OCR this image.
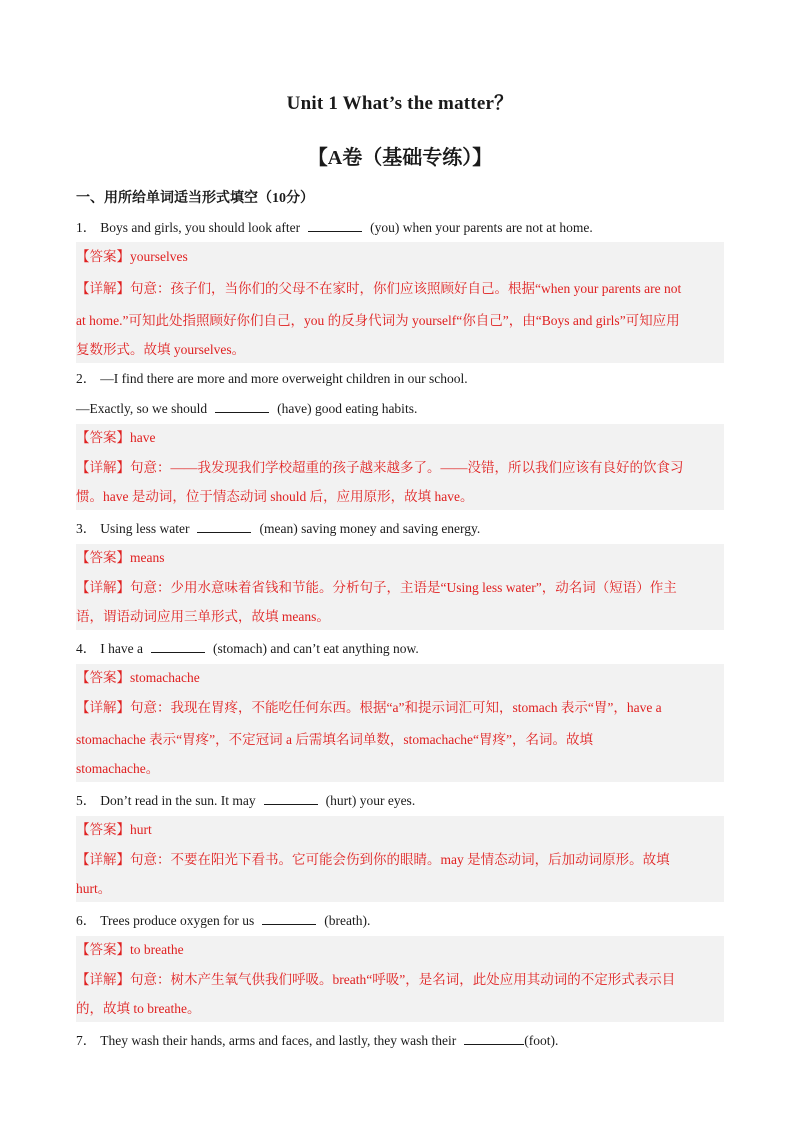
Unit 1 What’s the matter？
【A卷（基础专练）】
一、用所给单词适当形式填空（10分）
1． Boys and girls, you should look after	(you) when your parents are not at home.
【答案】yourselves
【详解】句意：孩子们，当你们的父母不在家时，你们应该照顾好自己。根据“when your parents are not
at home.”可知此处指照顾好你们自己，you 的反身代词为 yourself“你自己”，由“Boys and girls”可知应用
复数形式。故填 yourselves。
2． —I find there are more and more overweight children in our school.
—Exactly, so we should	(have) good eating habits.
【答案】have
【详解】句意：——我发现我们学校超重的孩子越来越多了。——没错，所以我们应该有良好的饮食习
惯。have 是动词，位于情态动词 should 后，应用原形，故填 have。
3． Using less water	(mean) saving money and saving energy.
【答案】means
【详解】句意：少用水意味着省钱和节能。分析句子，主语是“Using less water”，动名词（短语）作主
语，谓语动词应用三单形式，故填 means。
4． I have a	(stomach) and can’t eat anything now.
【答案】stomachache
【详解】句意：我现在胃疼，不能吃任何东西。根据“a”和提示词汇可知，stomach 表示“胃”，have a
stomachache 表示“胃疼”，不定冠词 a 后需填名词单数，stomachache“胃疼”，名词。故填
stomachache。
5． Don’t read in the sun. It may	(hurt) your eyes.
【答案】hurt
【详解】句意：不要在阳光下看书。它可能会伤到你的眼睛。may 是情态动词，后加动词原形。故填
hurt。
6． Trees produce oxygen for us	(breath).
【答案】to breathe
【详解】句意：树木产生氧气供我们呼吸。breath“呼吸”，是名词，此处应用其动词的不定形式表示目
的，故填 to breathe。
7． They wash their hands, arms and faces, and lastly, they wash their	(foot).
